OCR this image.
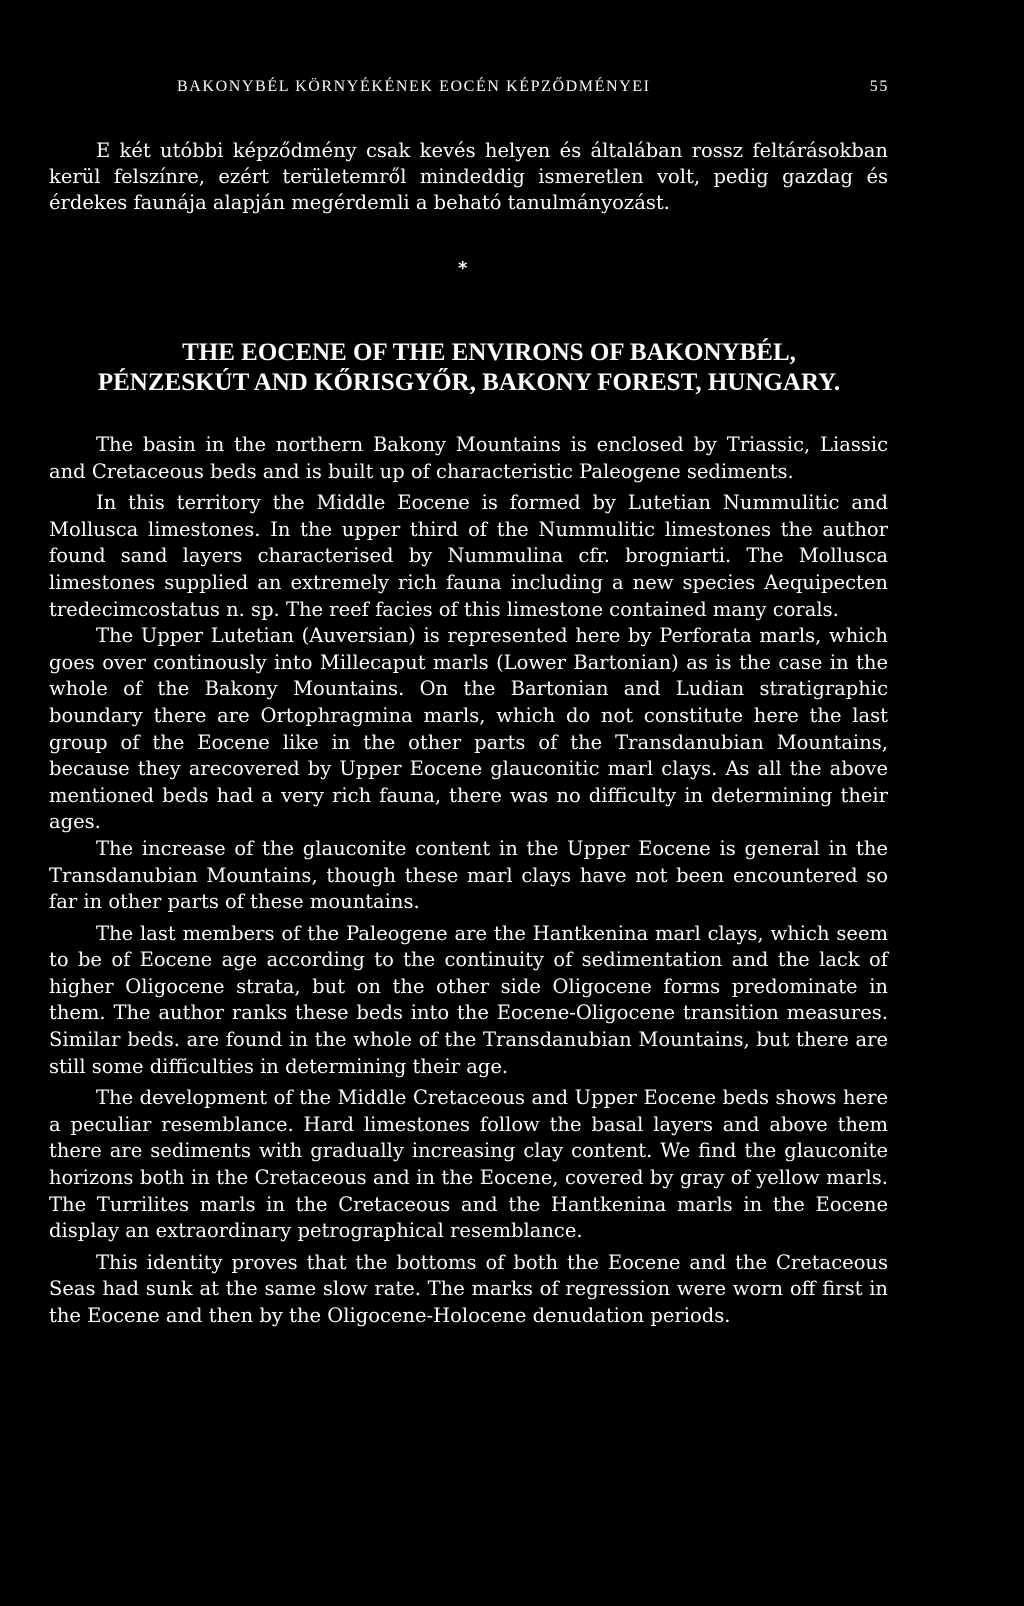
BAKONYBÉL KÖRNYÉKÉNEK EOCÉN KÉPZŐDMÉNYEI	55

E két utóbbi képződmény csak kevés helyen és általában rossz feltárásokban kerül felszínre, ezért területemről mindeddig ismeretlen volt, pedig gazdag és érdekes faunája alapján megérdemli a beható tanulmányozást.

*
THE EOCENE OF THE ENVIRONS OF BAKONYBÉL,
PÉNZESKÚT AND KŐRISGYŐR, BAKONY FOREST, HUNGARY.

The basin in the northern Bakony Mountains is enclosed by Triassic, Liassic and Cretaceous beds and is built up of characteristic Paleogene sediments.

In this territory the Middle Eocene is formed by Lutetian Nummulitic and Mollusca limestones. In the upper third of the Nummulitic limestones the author found sand layers characterised by Nummulina cfr. brogniarti. The Mollusca limestones supplied an extremely rich fauna including a new species Aequipecten tredecimcostatus n. sp. The reef facies of this limestone contained many corals.

The Upper Lutetian (Auversian) is represented here by Perforata marls, which goes over continously into Millecaput marls (Lower Bartonian) as is the case in the whole of the Bakony Mountains. On the Bartonian and Ludian stratigraphic boundary there are Ortophragmina marls, which do not constitute here the last group of the Eocene like in the other parts of the Transdanubian Mountains, because they arecovered by Upper Eocene glauconitic marl clays. As all the above mentioned beds had a very rich fauna, there was no difficulty in determining their ages.

The increase of the glauconite content in the Upper Eocene is general in the Transdanubian Mountains, though these marl clays have not been encountered so far in other parts of these mountains.

The last members of the Paleogene are the Hantkenina marl clays, which seem to be of Eocene age according to the continuity of sedimentation and the lack of higher Oligocene strata, but on the other side Oligocene forms predominate in them. The author ranks these beds into the Eocene-Oligocene transition measures. Similar beds. are found in the whole of the Transdanubian Mountains, but there are still some difficulties in determining their age.

The development of the Middle Cretaceous and Upper Eocene beds shows here a peculiar resemblance. Hard limestones follow the basal layers and above them there are sediments with gradually increasing clay content. We find the glauconite horizons both in the Cretaceous and in the Eocene, covered by gray of yellow marls. The Turrilites marls in the Cretaceous and the Hantkenina marls in the Eocene display an extraordinary petrographical resemblance.

This identity proves that the bottoms of both the Eocene and the Cretaceous Seas had sunk at the same slow rate. The marks of regression were worn off first in the Eocene and then by the Oligocene-Holocene denudation periods.
